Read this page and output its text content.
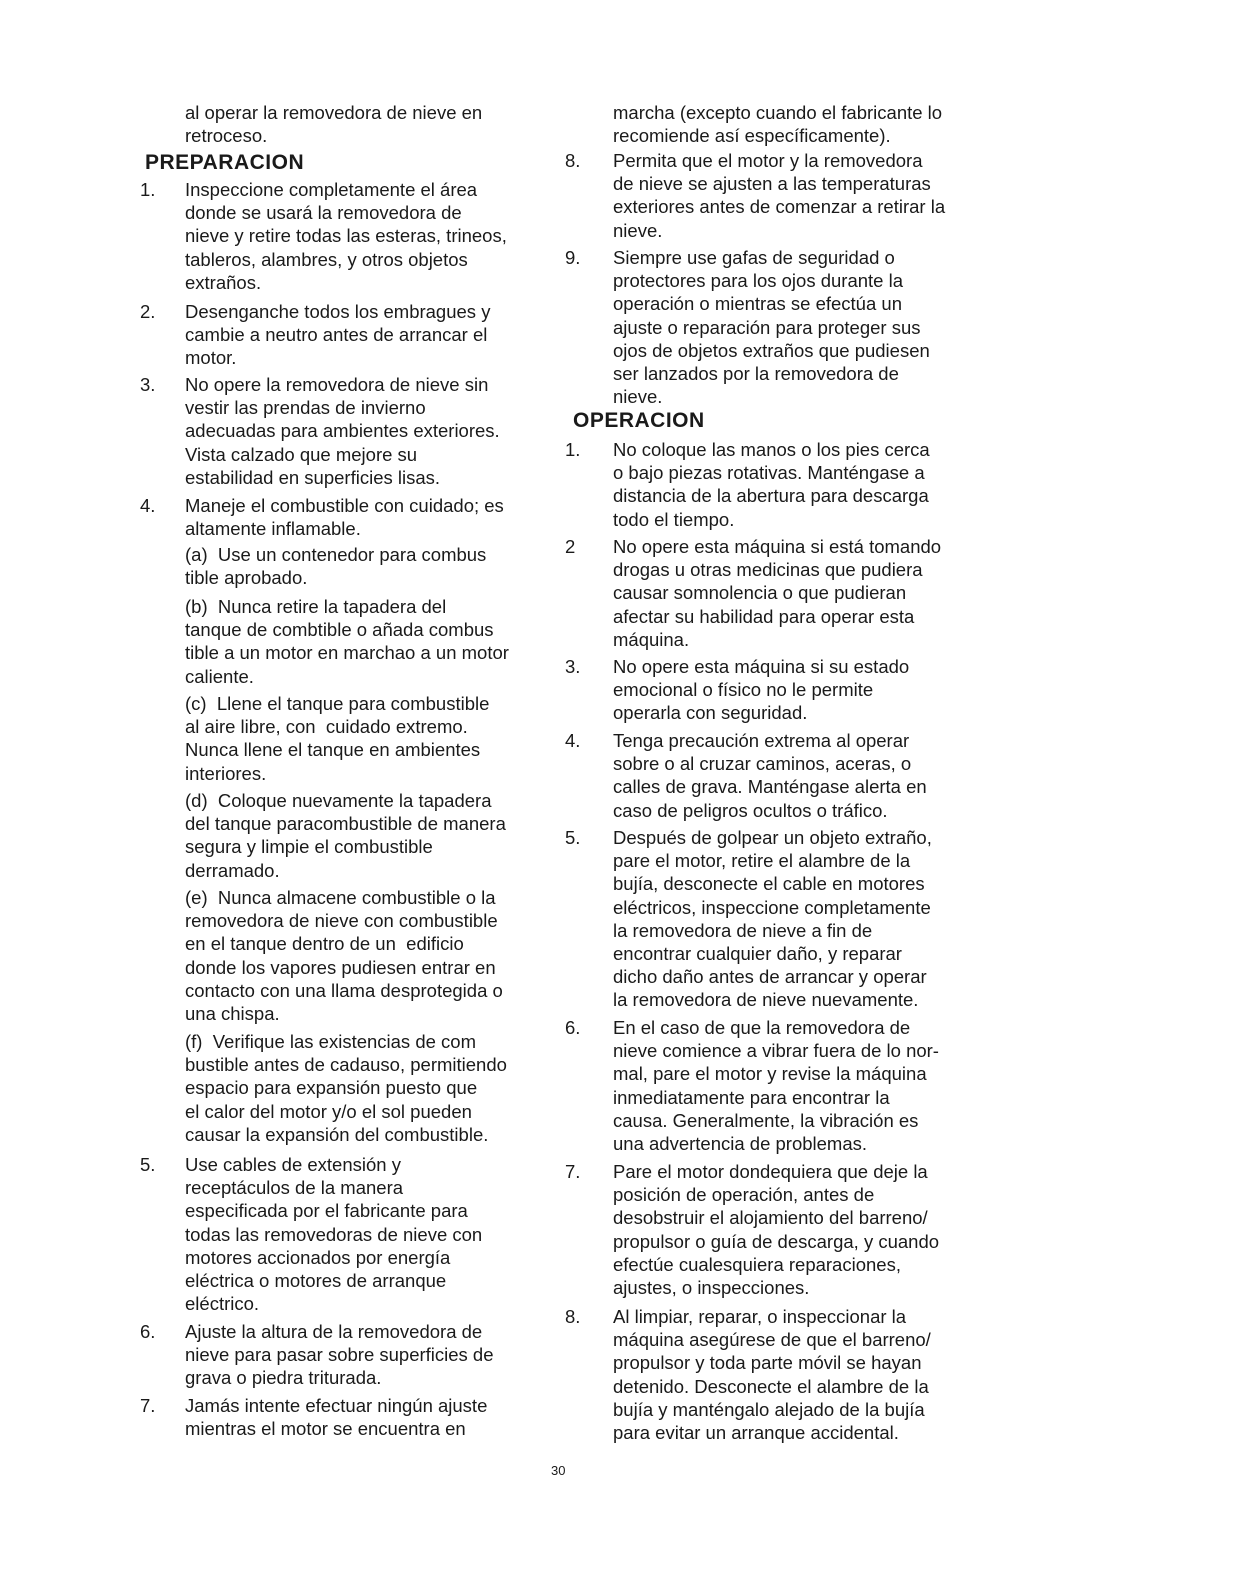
al operar la removedora de nieve en
retroceso.

PREPARACION
1. Inspeccione completamente el área
donde se usará la removedora de
nieve y retire todas las esteras, trineos,
tableros, alambres, y otros objetos
extraños.

2. Desenganche todos los embragues y
cambie a neutro antes de arrancar el
motor.

3. No opere la removedora de nieve sin
vestir las prendas de invierno
adecuadas para ambientes exteriores.
Vista calzado que mejore su
estabilidad en superficies lisas.

4. Maneje el combustible con cuidado; es
altamente inflamable.

(a)  Use un contenedor para combus
tible aprobado.

(b)  Nunca retire la tapadera del
tanque de combtible o añada combus
tible a un motor en marchao a un motor
caliente.

(c)  Llene el tanque para combustible
al aire libre, con  cuidado extremo.
Nunca llene el tanque en ambientes
interiores.

(d)  Coloque nuevamente la tapadera
del tanque paracombustible de manera
segura y limpie el combustible
derramado.

(e)  Nunca almacene combustible o la
removedora de nieve con combustible
en el tanque dentro de un  edificio
donde los vapores pudiesen entrar en
contacto con una llama desprotegida o
una chispa.

(f)  Verifique las existencias de com
bustible antes de cadauso, permitiendo
espacio para expansión puesto que
el calor del motor y/o el sol pueden
causar la expansión del combustible.

5. Use cables de extensión y
receptáculos de la manera
especificada por el fabricante para
todas las removedoras de nieve con
motores accionados por energía
eléctrica o motores de arranque
eléctrico.

6. Ajuste la altura de la removedora de
nieve para pasar sobre superficies de
grava o piedra triturada.

7. Jamás intente efectuar ningún ajuste
mientras el motor se encuentra en

marcha (excepto cuando el fabricante lo
recomiende así específicamente).

8. Permita que el motor y la removedora
de nieve se ajusten a las temperaturas
exteriores antes de comenzar a retirar la
nieve.

9. Siempre use gafas de seguridad o
protectores para los ojos durante la
operación o mientras se efectúa un
ajuste o reparación para proteger sus
ojos de objetos extraños que pudiesen
ser lanzados por la removedora de
nieve.

OPERACION
1. No coloque las manos o los pies cerca
o bajo piezas rotativas. Manténgase a
distancia de la abertura para descarga
todo el tiempo.

2 No opere esta máquina si está tomando
drogas u otras medicinas que pudiera
causar somnolencia o que pudieran
afectar su habilidad para operar esta
máquina.

3. No opere esta máquina si su estado
emocional o físico no le permite
operarla con seguridad.

4. Tenga precaución extrema al operar
sobre o al cruzar caminos, aceras, o
calles de grava. Manténgase alerta en
caso de peligros ocultos o tráfico.

5. Después de golpear un objeto extraño,
pare el motor, retire el alambre de la
bujía, desconecte el cable en motores
eléctricos, inspeccione completamente
la removedora de nieve a fin de
encontrar cualquier daño, y reparar
dicho daño antes de arrancar y operar
la removedora de nieve nuevamente.

6. En el caso de que la removedora de
nieve comience a vibrar fuera de lo nor-
mal, pare el motor y revise la máquina
inmediatamente para encontrar la
causa. Generalmente, la vibración es
una advertencia de problemas.

7. Pare el motor dondequiera que deje la
posición de operación, antes de
desobstruir el alojamiento del barreno/
propulsor o guía de descarga, y cuando
efectúe cualesquiera reparaciones,
ajustes, o inspecciones.

8. Al limpiar, reparar, o inspeccionar la
máquina asegúrese de que el barreno/
propulsor y toda parte móvil se hayan
detenido. Desconecte el alambre de la
bujía y manténgalo alejado de la bujía
para evitar un arranque accidental.

30
